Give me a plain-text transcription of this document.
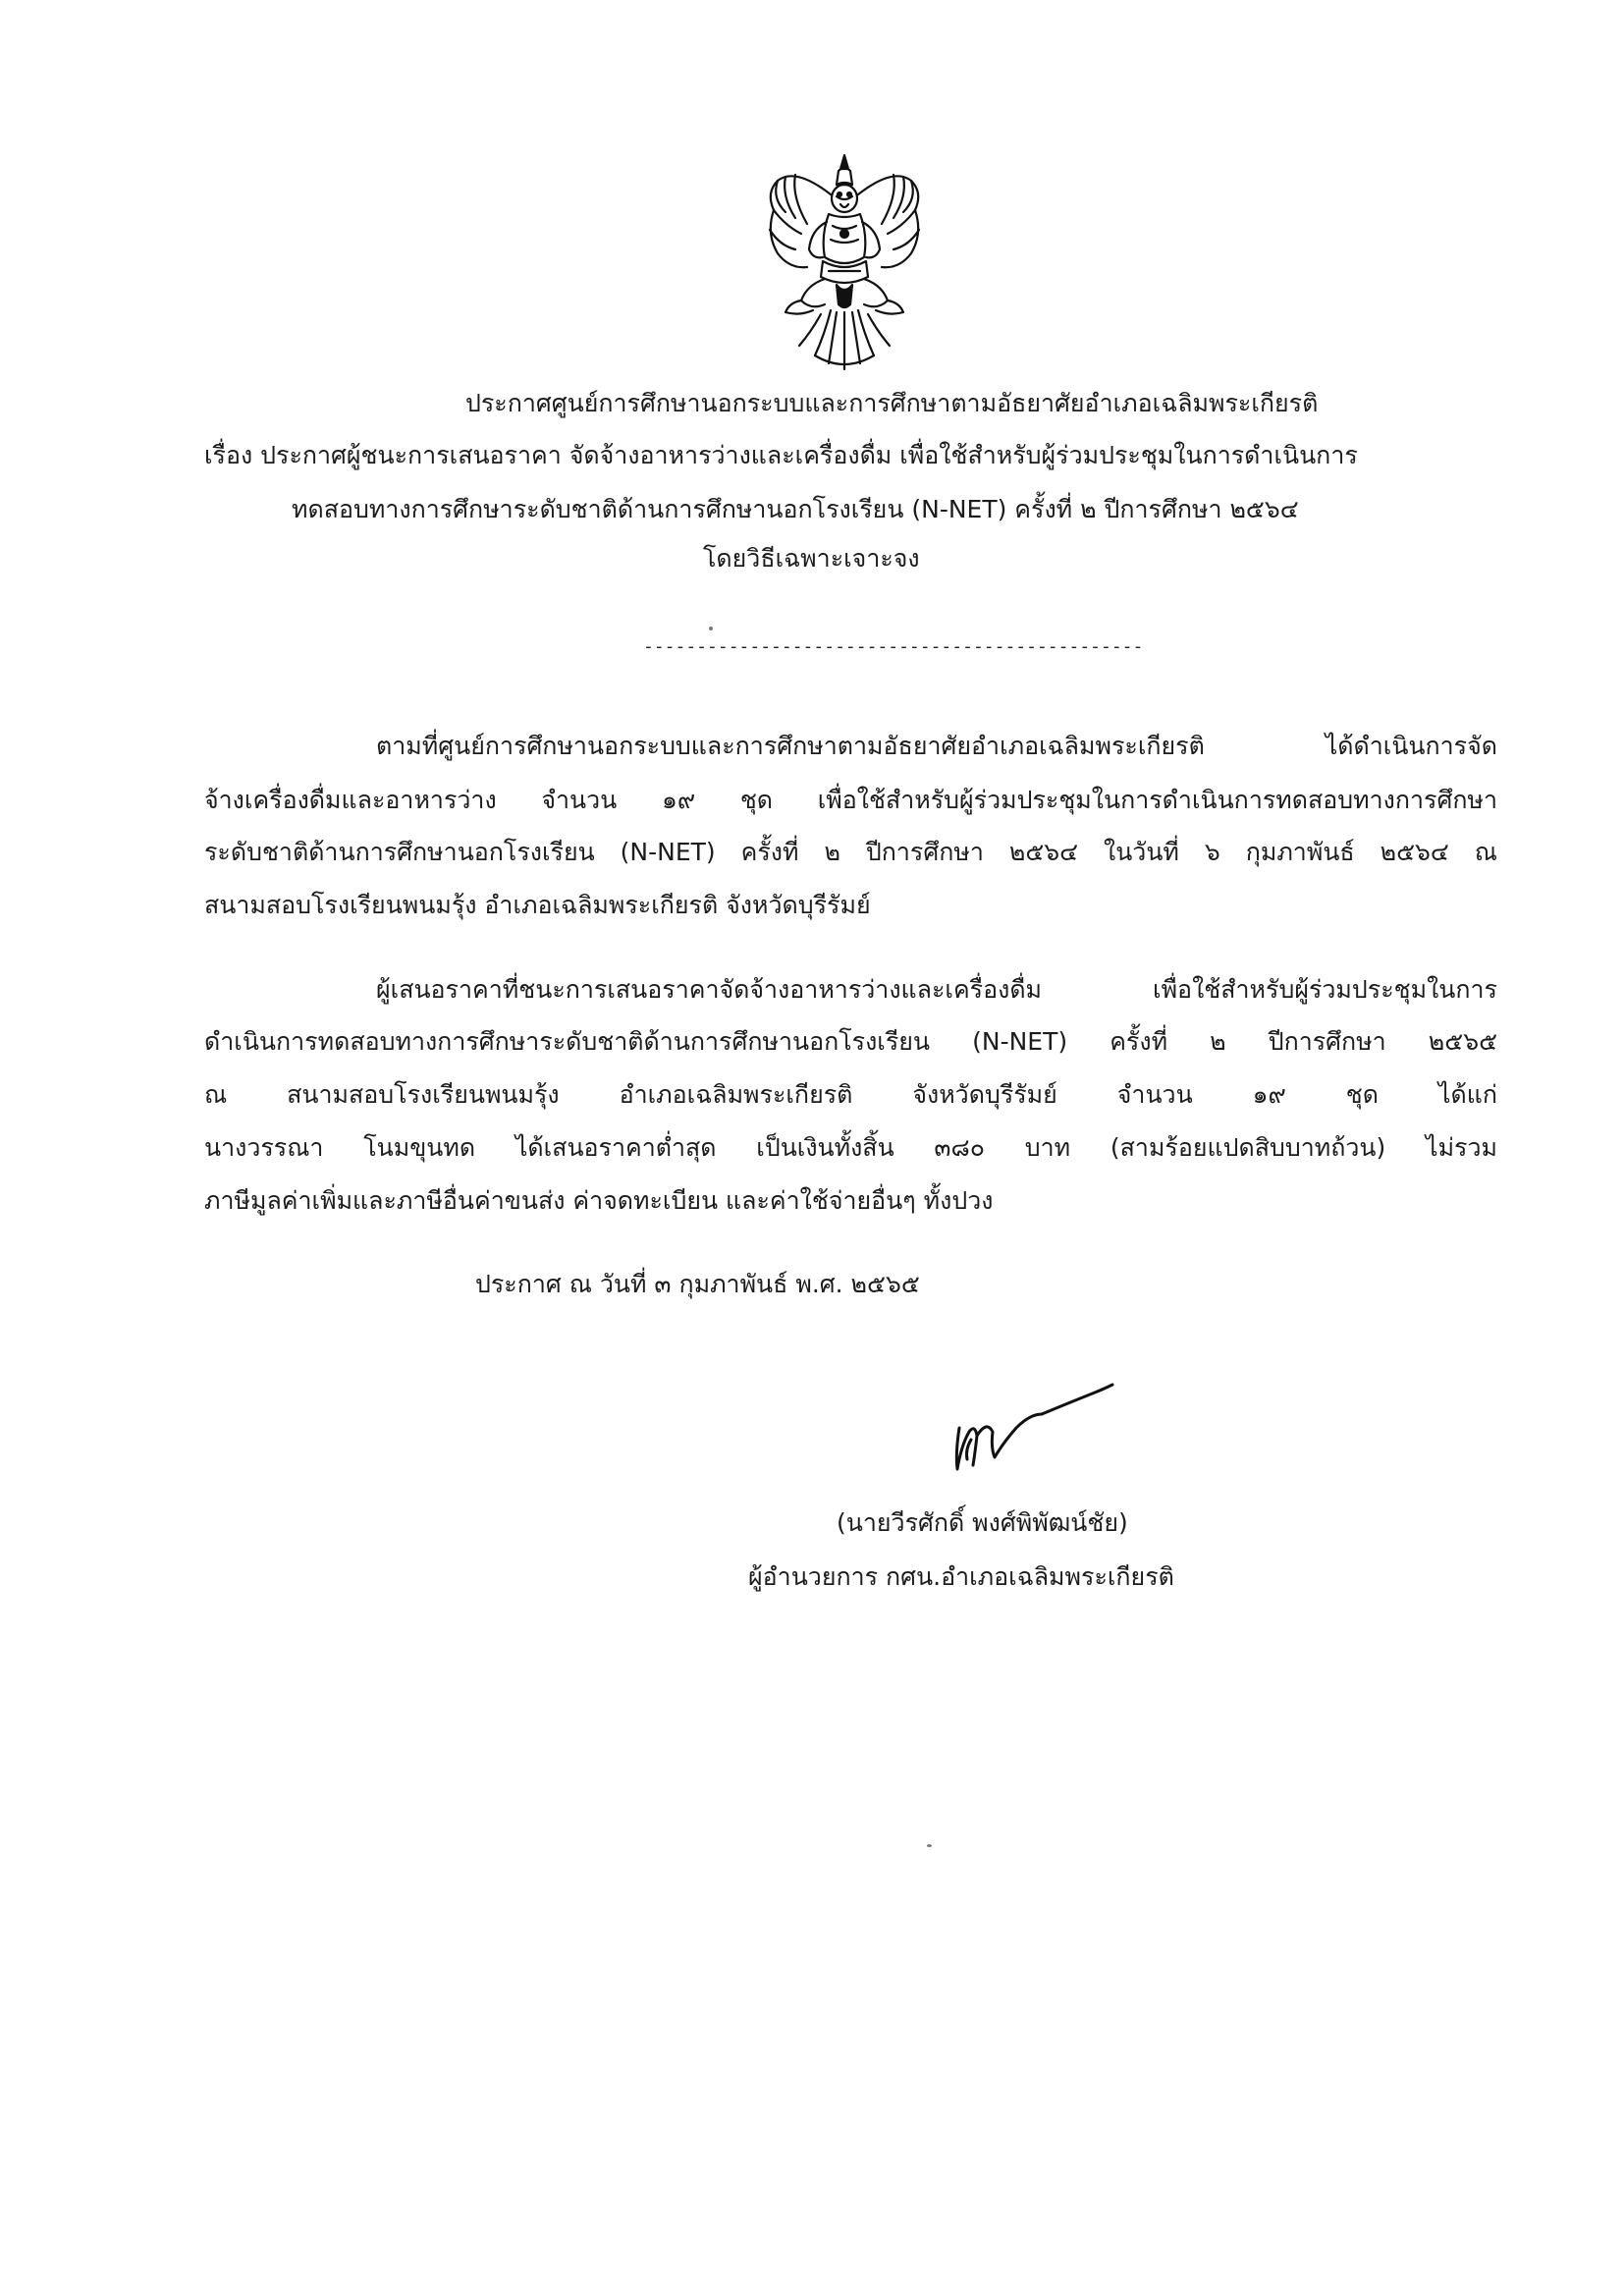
ประกาศศูนย์การศึกษานอกระบบและการศึกษาตามอัธยาศัยอำเภอเฉลิมพระเกียรติ
เรื่อง ประกาศผู้ชนะการเสนอราคา จัดจ้างอาหารว่างและเครื่องดื่ม เพื่อใช้สำหรับผู้ร่วมประชุมในการดำเนินการ
ทดสอบทางการศึกษาระดับชาติด้านการศึกษานอกโรงเรียน (N-NET) ครั้งที่ ๒ ปีการศึกษา ๒๕๖๔
โดยวิธีเฉพาะเจาะจง
-----------------------------------------------
ตามที่ศูนย์การศึกษานอกระบบและการศึกษาตามอัธยาศัยอำเภอเฉลิมพระเกียรติ ได้ดำเนินการจัด
จ้างเครื่องดื่มและอาหารว่าง จำนวน ๑๙ ชุด เพื่อใช้สำหรับผู้ร่วมประชุมในการดำเนินการทดสอบทางการศึกษา
ระดับชาติด้านการศึกษานอกโรงเรียน (N-NET) ครั้งที่ ๒ ปีการศึกษา ๒๕๖๔ ในวันที่ ๖ กุมภาพันธ์ ๒๕๖๔ ณ
สนามสอบโรงเรียนพนมรุ้ง อำเภอเฉลิมพระเกียรติ จังหวัดบุรีรัมย์
ผู้เสนอราคาที่ชนะการเสนอราคาจัดจ้างอาหารว่างและเครื่องดื่ม เพื่อใช้สำหรับผู้ร่วมประชุมในการ
ดำเนินการทดสอบทางการศึกษาระดับชาติด้านการศึกษานอกโรงเรียน (N-NET) ครั้งที่ ๒ ปีการศึกษา ๒๕๖๕
ณ สนามสอบโรงเรียนพนมรุ้ง อำเภอเฉลิมพระเกียรติ จังหวัดบุรีรัมย์ จำนวน ๑๙ ชุด ได้แก่
นางวรรณา โนมขุนทด ได้เสนอราคาต่ำสุด เป็นเงินทั้งสิ้น ๓๘๐ บาท (สามร้อยแปดสิบบาทถ้วน) ไม่รวม
ภาษีมูลค่าเพิ่มและภาษีอื่นค่าขนส่ง ค่าจดทะเบียน และค่าใช้จ่ายอื่นๆ ทั้งปวง
ประกาศ ณ วันที่ ๓ กุมภาพันธ์ พ.ศ. ๒๕๖๕
(นายวีรศักดิ์ พงศ์พิพัฒน์ชัย)
ผู้อำนวยการ กศน.อำเภอเฉลิมพระเกียรติ
